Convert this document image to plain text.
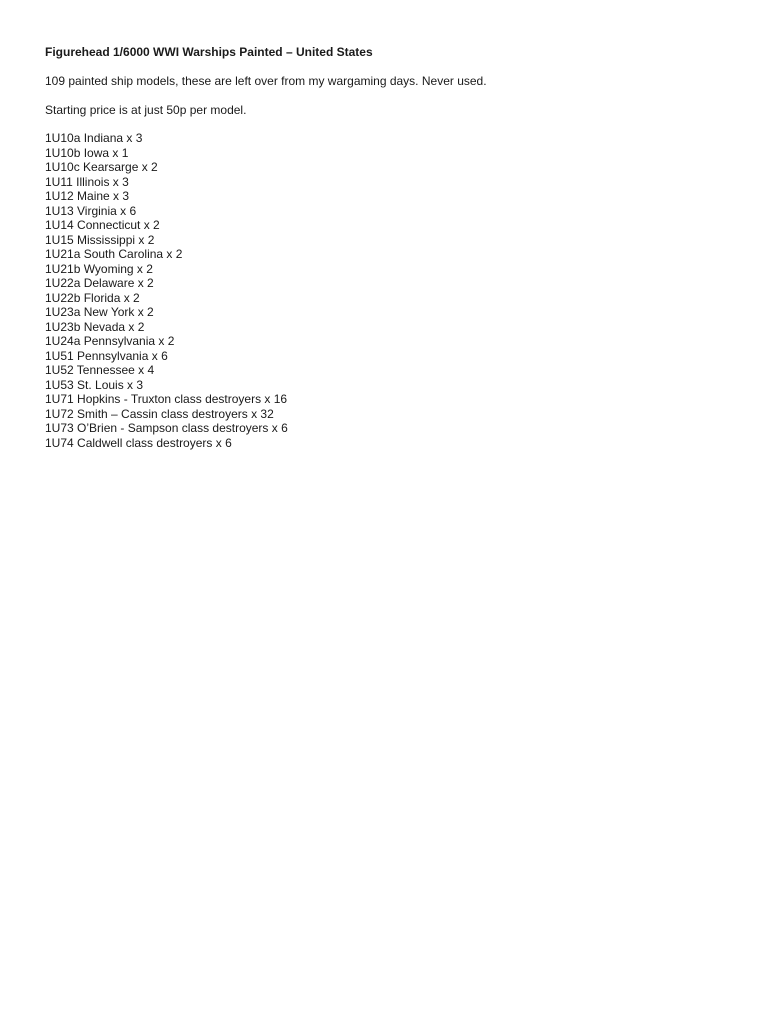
Figurehead 1/6000 WWI Warships Painted – United States
109 painted ship models, these are left over from my wargaming days. Never used.
Starting price is at just 50p per model.
1U10a Indiana x 3
1U10b Iowa x 1
1U10c Kearsarge x 2
1U11 Illinois x 3
1U12 Maine x 3
1U13 Virginia x 6
1U14 Connecticut x 2
1U15 Mississippi x 2
1U21a South Carolina x 2
1U21b Wyoming x 2
1U22a Delaware x 2
1U22b Florida x 2
1U23a New York x 2
1U23b Nevada x 2
1U24a Pennsylvania x 2
1U51 Pennsylvania x 6
1U52 Tennessee x 4
1U53 St. Louis x 3
1U71 Hopkins - Truxton class destroyers x 16
1U72 Smith – Cassin class destroyers x 32
1U73 O’Brien - Sampson class destroyers x 6
1U74 Caldwell class destroyers x 6
